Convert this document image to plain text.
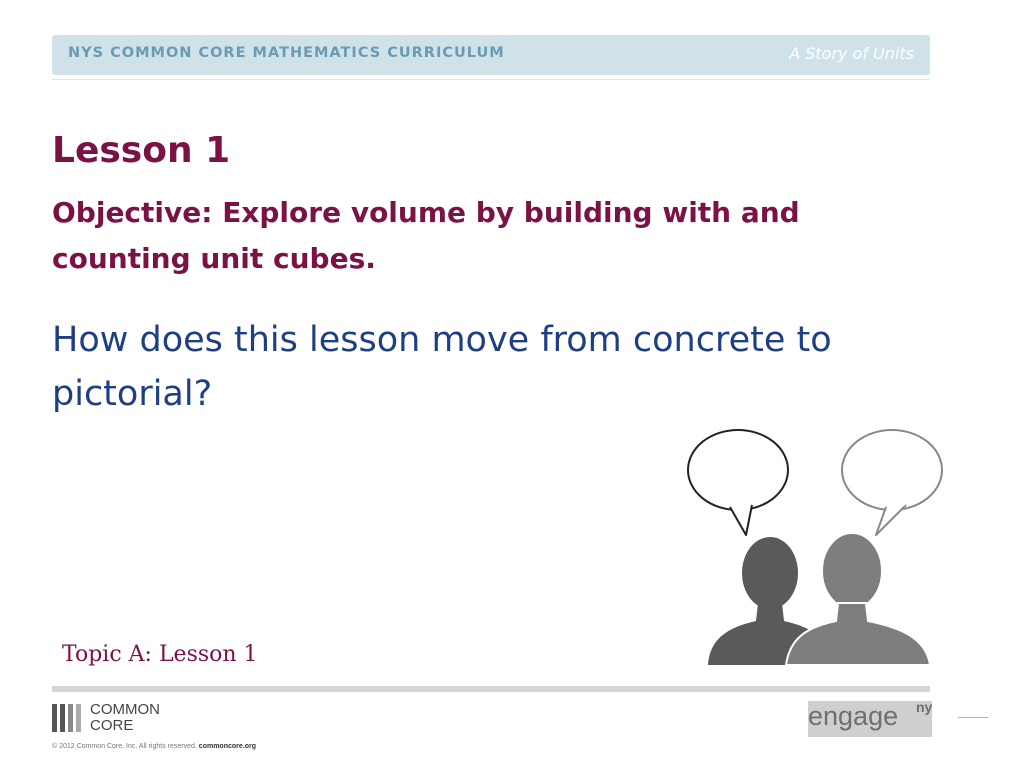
NYS COMMON CORE MATHEMATICS CURRICULUM	A Story of Units
Lesson 1
Objective: Explore volume by building with and
counting unit cubes.
How does this lesson move from concrete to
pictorial?
Topic A: Lesson 1
COMMON
CORE
© 2012 Common Core, Inc. All rights reserved. commoncore.org
engage ny
